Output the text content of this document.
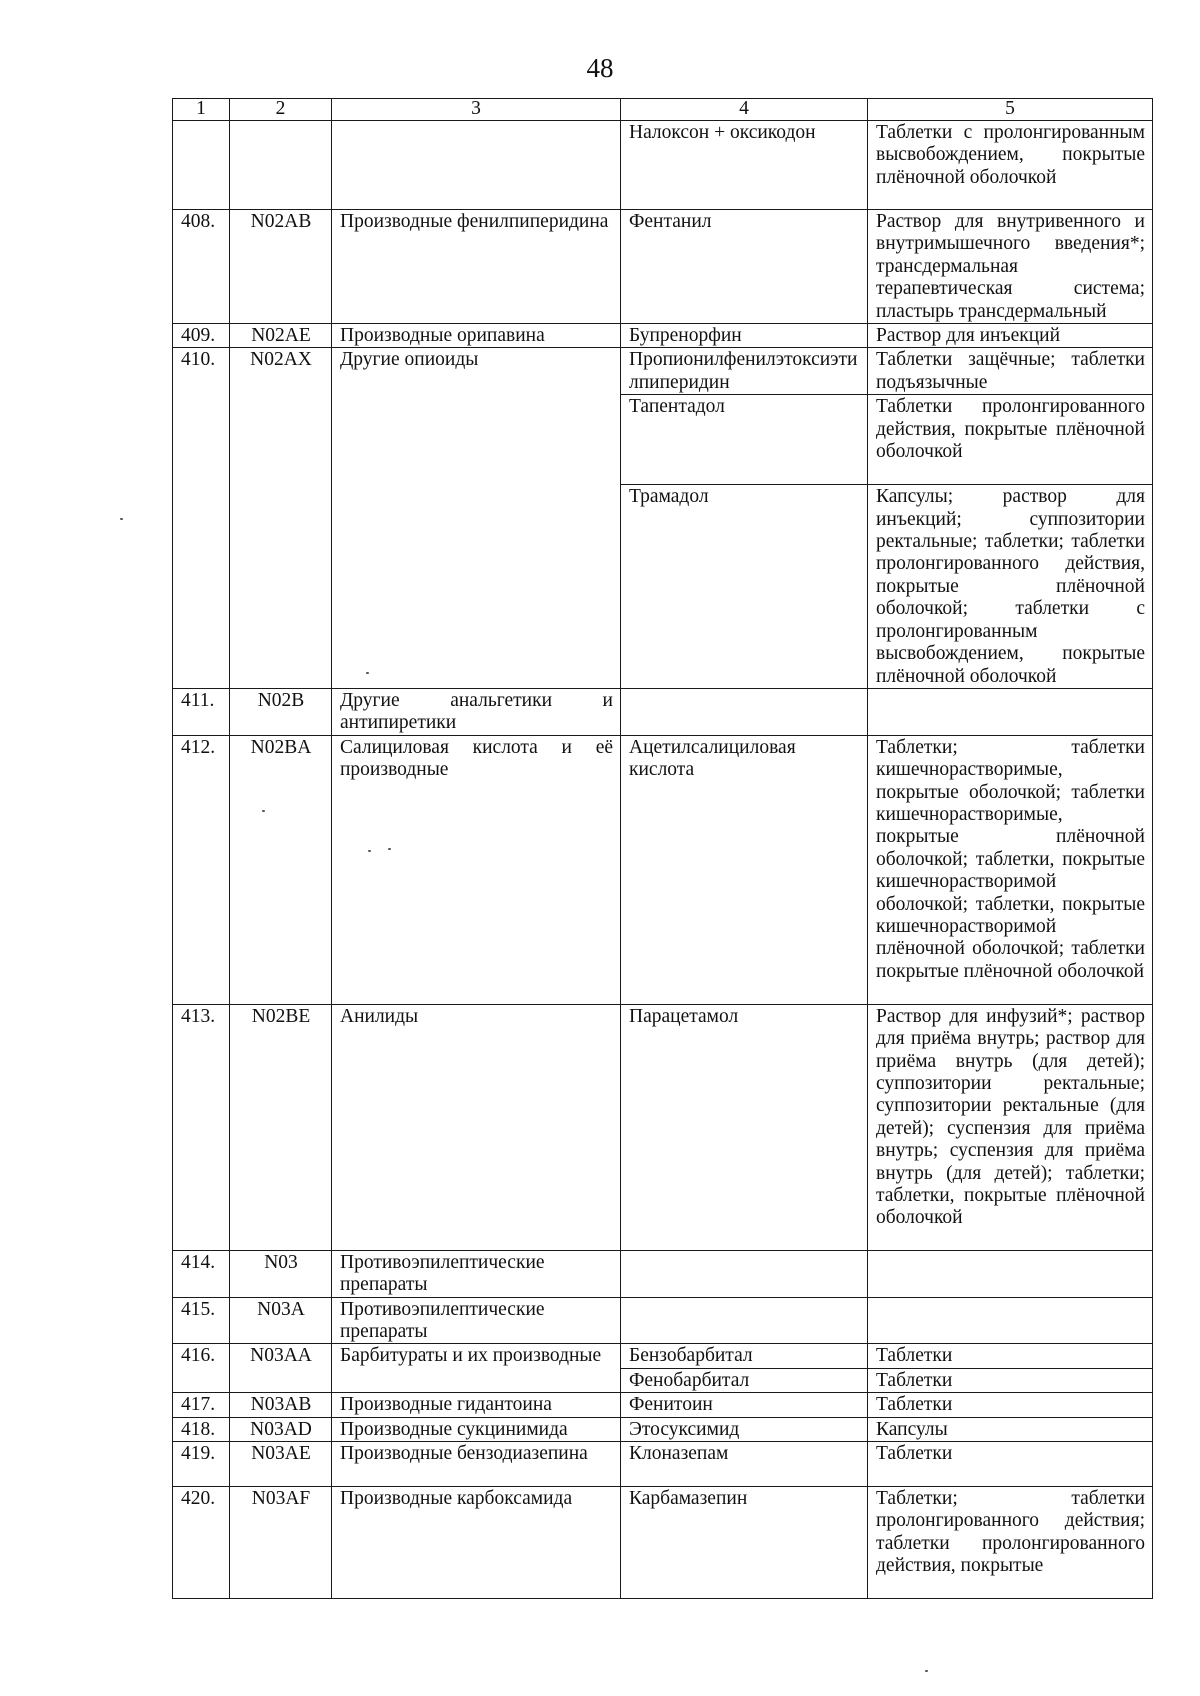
48
1	2	3	4	5
			Налоксон + оксикодон	Таблетки с пролонгированным высвобождением, покрытые плёночной оболочкой
408.	N02AB	Производные фенилпиперидина	Фентанил	Раствор для внутривенного и внутримышечного введения*; трансдермальная терапевтическая система; пластырь трансдермальный
409.	N02AE	Производные орипавина	Бупренорфин	Раствор для инъекций
410.	N02AX	Другие опиоиды	Пропионилфенилэтоксиэтилпиперидин	Таблетки защёчные; таблетки подъязычные
			Тапентадол	Таблетки пролонгированного действия, покрытые плёночной оболочкой
			Трамадол	Капсулы; раствор для инъекций; суппозитории ректальные; таблетки; таблетки пролонгированного действия, покрытые плёночной оболочкой; таблетки с пролонгированным высвобождением, покрытые плёночной оболочкой
411.	N02B	Другие анальгетики и антипиретики		
412.	N02BA	Салициловая кислота и её производные	Ацетилсалициловая кислота	Таблетки; таблетки кишечнорастворимые, покрытые оболочкой; таблетки кишечнорастворимые, покрытые плёночной оболочкой; таблетки, покрытые кишечнорастворимой оболочкой; таблетки, покрытые кишечнорастворимой плёночной оболочкой; таблетки покрытые плёночной оболочкой
413.	N02BE	Анилиды	Парацетамол	Раствор для инфузий*; раствор для приёма внутрь; раствор для приёма внутрь (для детей); суппозитории ректальные; суппозитории ректальные (для детей); суспензия для приёма внутрь; суспензия для приёма внутрь (для детей); таблетки; таблетки, покрытые плёночной оболочкой
414.	N03	Противоэпилептические препараты		
415.	N03A	Противоэпилептические препараты		
416.	N03AA	Барбитураты и их производные	Бензобарбитал	Таблетки
			Фенобарбитал	Таблетки
417.	N03AB	Производные гидантоина	Фенитоин	Таблетки
418.	N03AD	Производные сукцинимида	Этосуксимид	Капсулы
419.	N03AE	Производные бензодиазепина	Клоназепам	Таблетки
420.	N03AF	Производные карбоксамида	Карбамазепин	Таблетки; таблетки пролонгированного действия; таблетки пролонгированного действия, покрытые
